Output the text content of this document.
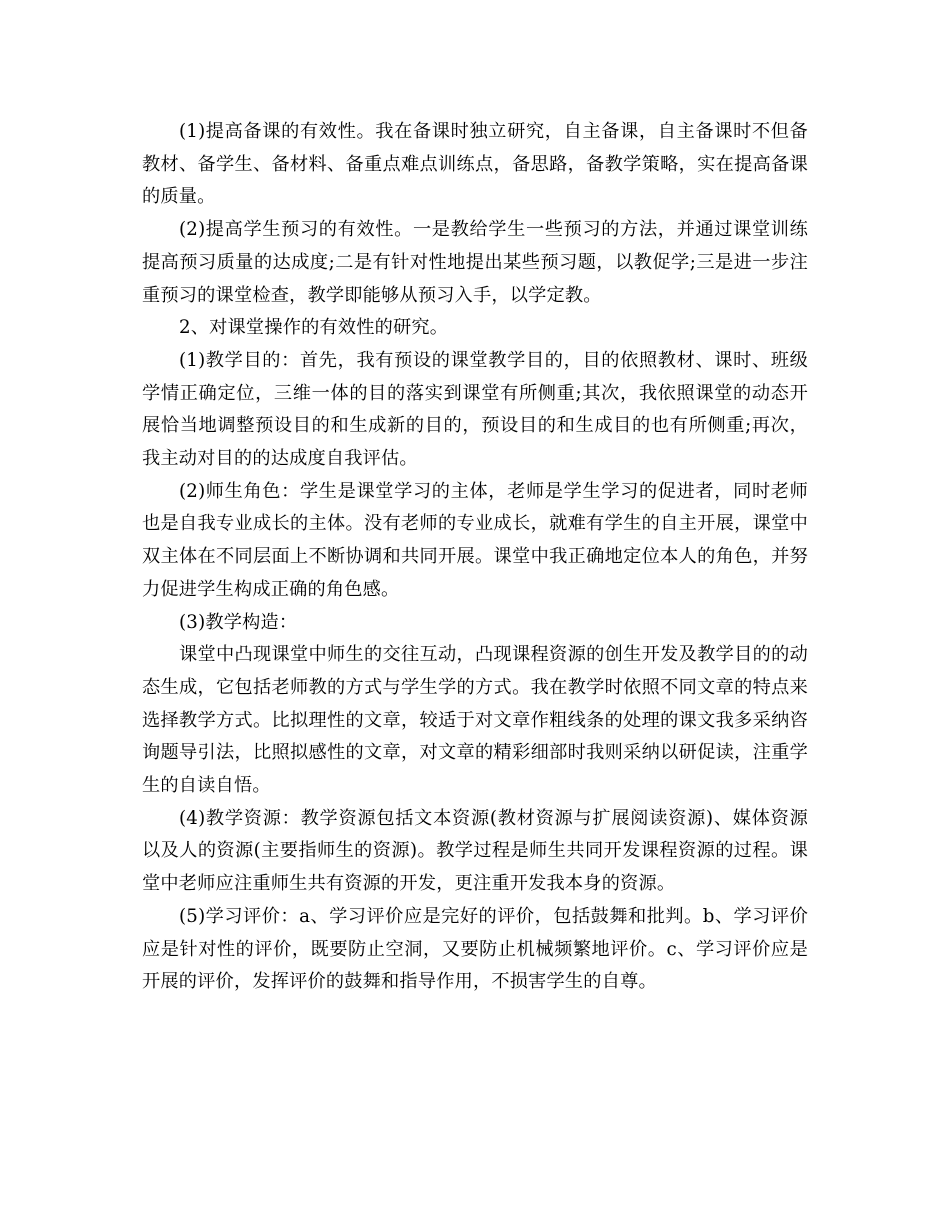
(1)提高备课的有效性。我在备课时独立研究，自主备课，自主备课时不但备教材、备学生、备材料、备重点难点训练点，备思路，备教学策略，实在提高备课的质量。

(2)提高学生预习的有效性。一是教给学生一些预习的方法，并通过课堂训练提高预习质量的达成度;二是有针对性地提出某些预习题，以教促学;三是进一步注重预习的课堂检查，教学即能够从预习入手，以学定教。

2、对课堂操作的有效性的研究。

(1)教学目的：首先，我有预设的课堂教学目的，目的依照教材、课时、班级学情正确定位，三维一体的目的落实到课堂有所侧重;其次，我依照课堂的动态开展恰当地调整预设目的和生成新的目的，预设目的和生成目的也有所侧重;再次，我主动对目的的达成度自我评估。

(2)师生角色：学生是课堂学习的主体，老师是学生学习的促进者，同时老师也是自我专业成长的主体。没有老师的专业成长，就难有学生的自主开展，课堂中双主体在不同层面上不断协调和共同开展。课堂中我正确地定位本人的角色，并努力促进学生构成正确的角色感。

(3)教学构造：

课堂中凸现课堂中师生的交往互动，凸现课程资源的创生开发及教学目的的动态生成，它包括老师教的方式与学生学的方式。我在教学时依照不同文章的特点来选择教学方式。比拟理性的文章，较适于对文章作粗线条的处理的课文我多采纳咨询题导引法，比照拟感性的文章，对文章的精彩细部时我则采纳以研促读，注重学生的自读自悟。

(4)教学资源：教学资源包括文本资源(教材资源与扩展阅读资源)、媒体资源以及人的资源(主要指师生的资源)。教学过程是师生共同开发课程资源的过程。课堂中老师应注重师生共有资源的开发，更注重开发我本身的资源。

(5)学习评价：a、学习评价应是完好的评价，包括鼓舞和批判。b、学习评价应是针对性的评价，既要防止空洞，又要防止机械频繁地评价。c、学习评价应是开展的评价，发挥评价的鼓舞和指导作用，不损害学生的自尊。
